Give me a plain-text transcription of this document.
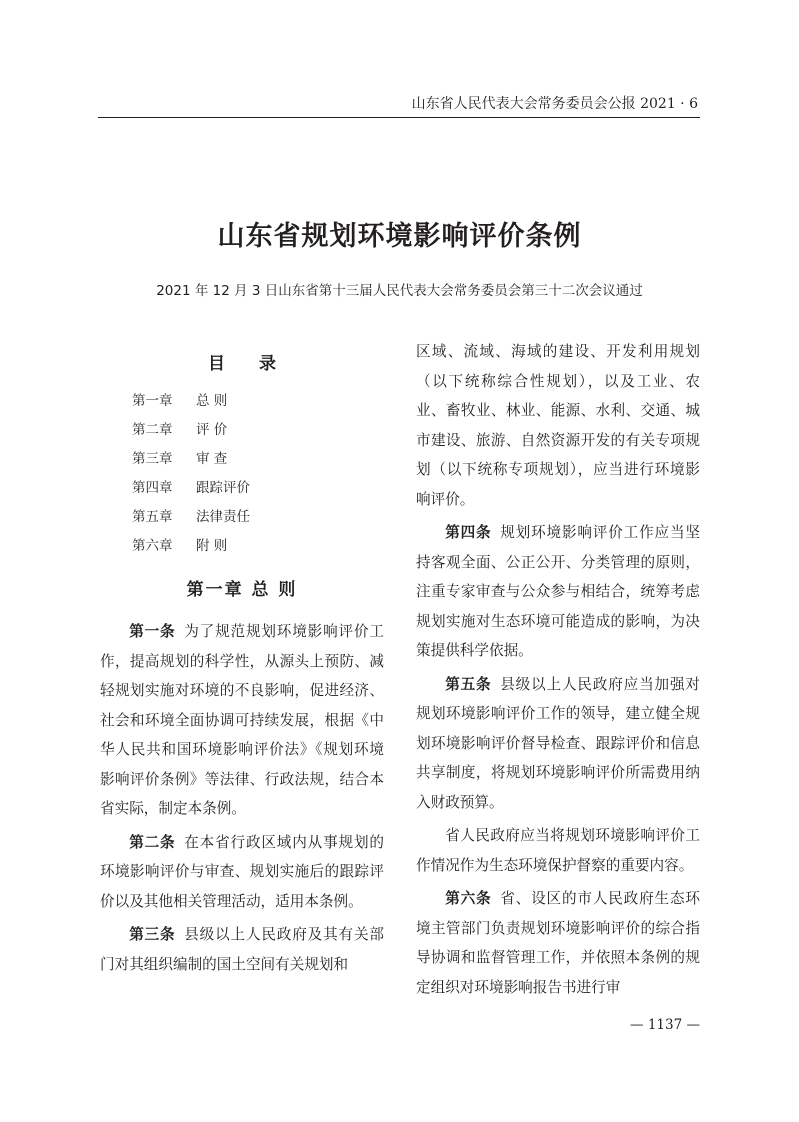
山东省人民代表大会常务委员会公报 2021 · 6
山东省规划环境影响评价条例
2021 年 12 月 3 日山东省第十三届人民代表大会常务委员会第三十二次会议通过
目 录
第一章 总 则
第二章 评 价
第三章 审 查
第四章 跟踪评价
第五章 法律责任
第六章 附 则
第一章 总 则

第一条 为了规范规划环境影响评价工作，提高规划的科学性，从源头上预防、减轻规划实施对环境的不良影响，促进经济、社会和环境全面协调可持续发展，根据《中华人民共和国环境影响评价法》《规划环境影响评价条例》等法律、行政法规，结合本省实际，制定本条例。

第二条 在本省行政区域内从事规划的环境影响评价与审查、规划实施后的跟踪评价以及其他相关管理活动，适用本条例。

第三条 县级以上人民政府及其有关部门对其组织编制的国土空间有关规划和

区域、流域、海域的建设、开发利用规划（以下统称综合性规划），以及工业、农业、畜牧业、林业、能源、水利、交通、城市建设、旅游、自然资源开发的有关专项规划（以下统称专项规划），应当进行环境影响评价。

第四条 规划环境影响评价工作应当坚持客观全面、公正公开、分类管理的原则，注重专家审查与公众参与相结合，统筹考虑规划实施对生态环境可能造成的影响，为决策提供科学依据。

第五条 县级以上人民政府应当加强对规划环境影响评价工作的领导，建立健全规划环境影响评价督导检查、跟踪评价和信息共享制度，将规划环境影响评价所需费用纳入财政预算。

省人民政府应当将规划环境影响评价工作情况作为生态环境保护督察的重要内容。

第六条 省、设区的市人民政府生态环境主管部门负责规划环境影响评价的综合指导协调和监督管理工作，并依照本条例的规定组织对环境影响报告书进行审

— 1137 —
